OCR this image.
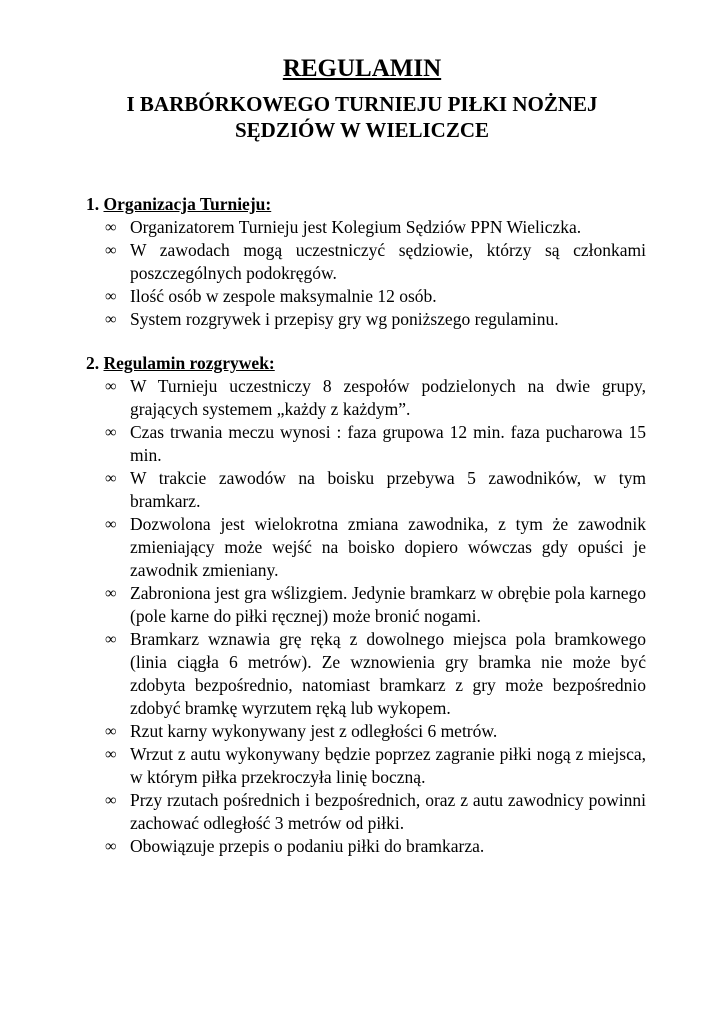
REGULAMIN
I BARBÓRKOWEGO TURNIEJU PIŁKI NOŻNEJ
SĘDZIÓW W WIELICZCE

1. Organizacja Turnieju:

∞ Organizatorem Turnieju jest Kolegium Sędziów PPN Wieliczka.
∞ W zawodach mogą uczestniczyć sędziowie, którzy są członkami poszczególnych podokręgów.
∞ Ilość osób w zespole maksymalnie 12 osób.
∞ System rozgrywek i przepisy gry wg poniższego regulaminu.

2. Regulamin rozgrywek:

∞ W Turnieju uczestniczy 8 zespołów podzielonych na dwie grupy, grających systemem „każdy z każdym”.
∞ Czas trwania meczu wynosi : faza grupowa 12 min. faza pucharowa 15 min.
∞ W trakcie zawodów na boisku przebywa 5 zawodników, w tym bramkarz.
∞ Dozwolona jest wielokrotna zmiana zawodnika, z tym że zawodnik zmieniający może wejść na boisko dopiero wówczas gdy opuści je zawodnik zmieniany.
∞ Zabroniona jest gra wślizgiem. Jedynie bramkarz w obrębie pola karnego (pole karne do piłki ręcznej) może bronić nogami.
∞ Bramkarz wznawia grę ręką z dowolnego miejsca pola bramkowego (linia ciągła 6 metrów). Ze wznowienia gry bramka nie może być zdobyta bezpośrednio, natomiast bramkarz z gry może bezpośrednio zdobyć bramkę wyrzutem ręką lub wykopem.
∞ Rzut karny wykonywany jest z odległości 6 metrów.
∞ Wrzut z autu wykonywany będzie poprzez zagranie piłki nogą z miejsca, w którym piłka przekroczyła linię boczną.
∞ Przy rzutach pośrednich i bezpośrednich, oraz z autu zawodnicy powinni zachować odległość 3 metrów od piłki.
∞ Obowiązuje przepis o podaniu piłki do bramkarza.
